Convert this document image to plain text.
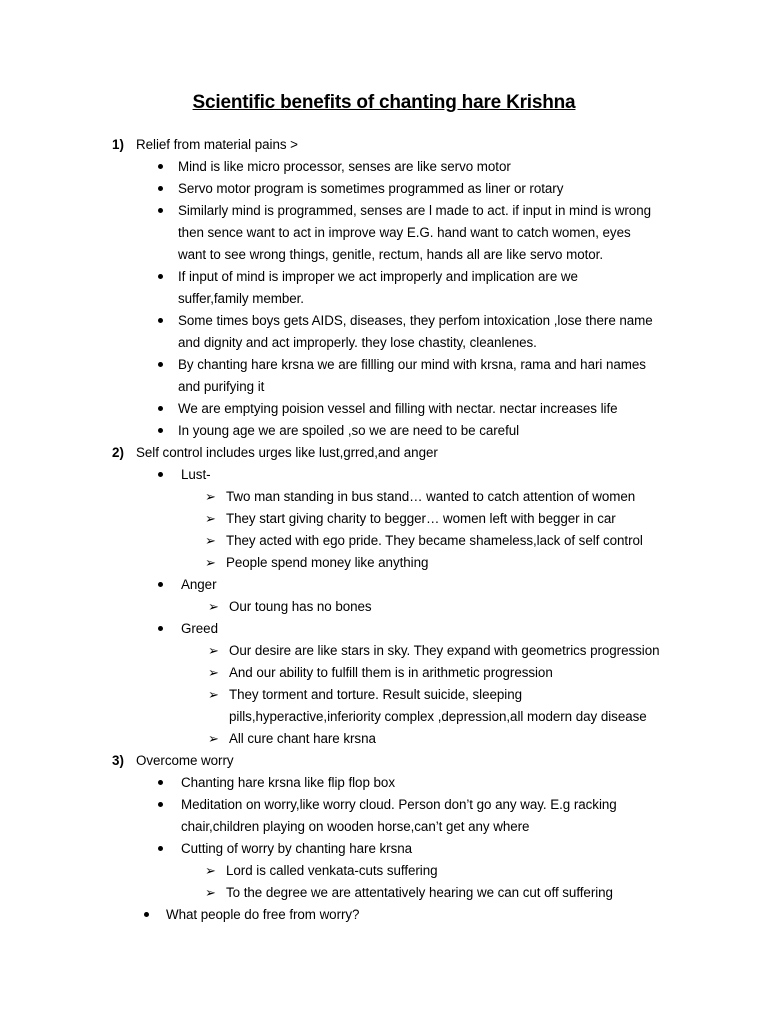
Scientific benefits of chanting hare Krishna
1) Relief from material pains >
Mind is like micro processor, senses are like servo motor
Servo motor program is sometimes programmed as liner or rotary
Similarly mind is programmed, senses are l made to act. if input in mind is wrong
then sence want to act in improve way E.G. hand want to catch women, eyes
want to see wrong things, genitle, rectum, hands all are like servo motor.
If input of mind is improper we act improperly and implication are we
suffer,family member.
Some times boys gets AIDS, diseases, they perfom intoxication ,lose there name
and dignity and act improperly. they lose chastity, cleanlenes.
By chanting hare krsna we are fillling our mind with krsna, rama and hari names
and purifying it
We are emptying poision vessel and filling with nectar. nectar increases life
In young age we are spoiled ,so we are need to be careful
2) Self control includes urges like lust,grred,and anger
Lust-
➢ Two man standing in bus stand… wanted to catch attention of women
➢ They start giving charity to begger… women left with begger in car
➢ They acted with ego pride. They became shameless,lack of self control
➢ People spend money like anything
Anger
➢ Our toung has no bones
Greed
➢ Our desire are like stars in sky. They expand with geometrics progression
➢ And our ability to fulfill them is in arithmetic progression
➢ They torment and torture. Result suicide, sleeping
pills,hyperactive,inferiority complex ,depression,all modern day disease
➢ All cure chant hare krsna
3) Overcome worry
Chanting hare krsna like flip flop box
Meditation on worry,like worry cloud. Person don’t go any way. E.g racking
chair,children playing on wooden horse,can’t get any where
Cutting of worry by chanting hare krsna
➢ Lord is called venkata-cuts suffering
➢ To the degree we are attentatively hearing we can cut off suffering
What people do free from worry?
